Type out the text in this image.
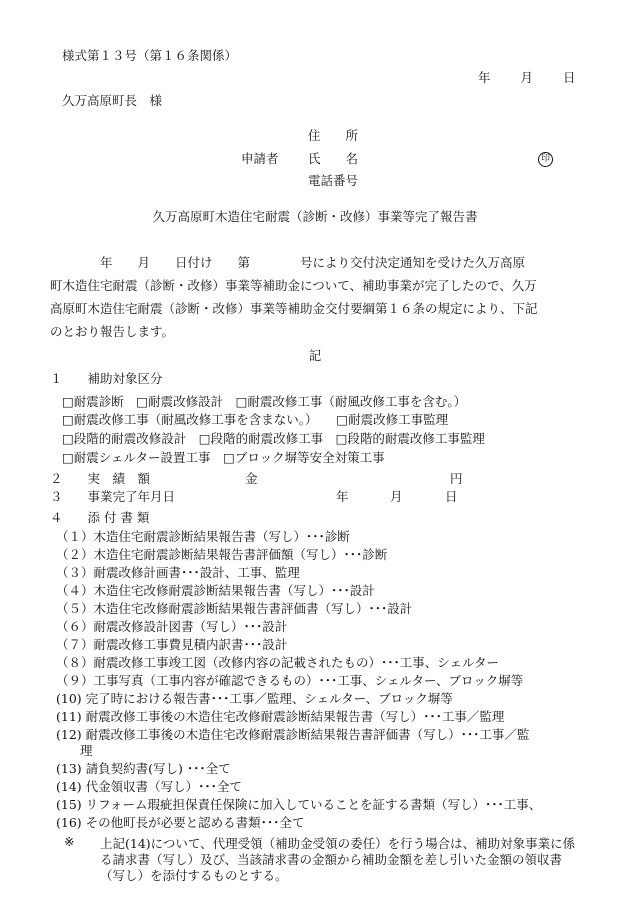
様式第１３号（第１６条関係）
年 月 日
久万高原町長　様
住　　所
申請者 氏　　名	印
電話番号
久万高原町木造住宅耐震（診断・改修）事業等完了報告書

　　　　年　　月　　日付け　　第　　　　号により交付決定通知を受けた久万高原

町木造住宅耐震（診断・改修）事業等補助金について、補助事業が完了したので、久万

高原町木造住宅耐震（診断・改修）事業等補助金交付要綱第１６条の規定により、下記

のとおり報告します。

記
１　　補助対象区分
□耐震診断　□耐震改修設計　□耐震改修工事（耐風改修工事を含む。）
□耐震改修工事（耐風改修工事を含まない。）　　□耐震改修工事監理
□段階的耐震改修設計　□段階的耐震改修工事　□段階的耐震改修工事監理
□耐震シェルター設置工事　□ブロック塀等安全対策工事
２　　実　績　額	金	円
３　　事業完了年月日	年	月	日
４　　添 付 書 類
（１）木造住宅耐震診断結果報告書（写し）･･･診断
（２）木造住宅耐震診断結果報告書評価額（写し）･･･診断
（３）耐震改修計画書･･･設計、工事、監理
（４）木造住宅改修耐震診断結果報告書（写し）･･･設計
（５）木造住宅改修耐震診断結果報告書評価書（写し）･･･設計
（６）耐震改修設計図書（写し）･･･設計
（７）耐震改修工事費見積内訳書･･･設計
（８）耐震改修工事竣工図（改修内容の記載されたもの）･･･工事、シェルター
（９）工事写真（工事内容が確認できるもの）･･･工事、シェルター、ブロック塀等
(10) 完了時における報告書･･･工事／監理、シェルター、ブロック塀等
(11) 耐震改修工事後の木造住宅改修耐震診断結果報告書（写し）･･･工事／監理
(12) 耐震改修工事後の木造住宅改修耐震診断結果報告書評価書（写し）･･･工事／監
理
(13) 請負契約書(写し) ･･･全て
(14) 代金領収書（写し）･･･全て
(15) リフォーム瑕疵担保責任保険に加入していることを証する書類（写し）･･･工事、
(16) その他町長が必要と認める書類･･･全て
※ 上記(14)について、代理受領（補助金受領の委任）を行う場合は、補助対象事業に係る請求書（写し）及び、当該請求書の金額から補助金額を差し引いた金額の領収書（写し）を添付するものとする。
